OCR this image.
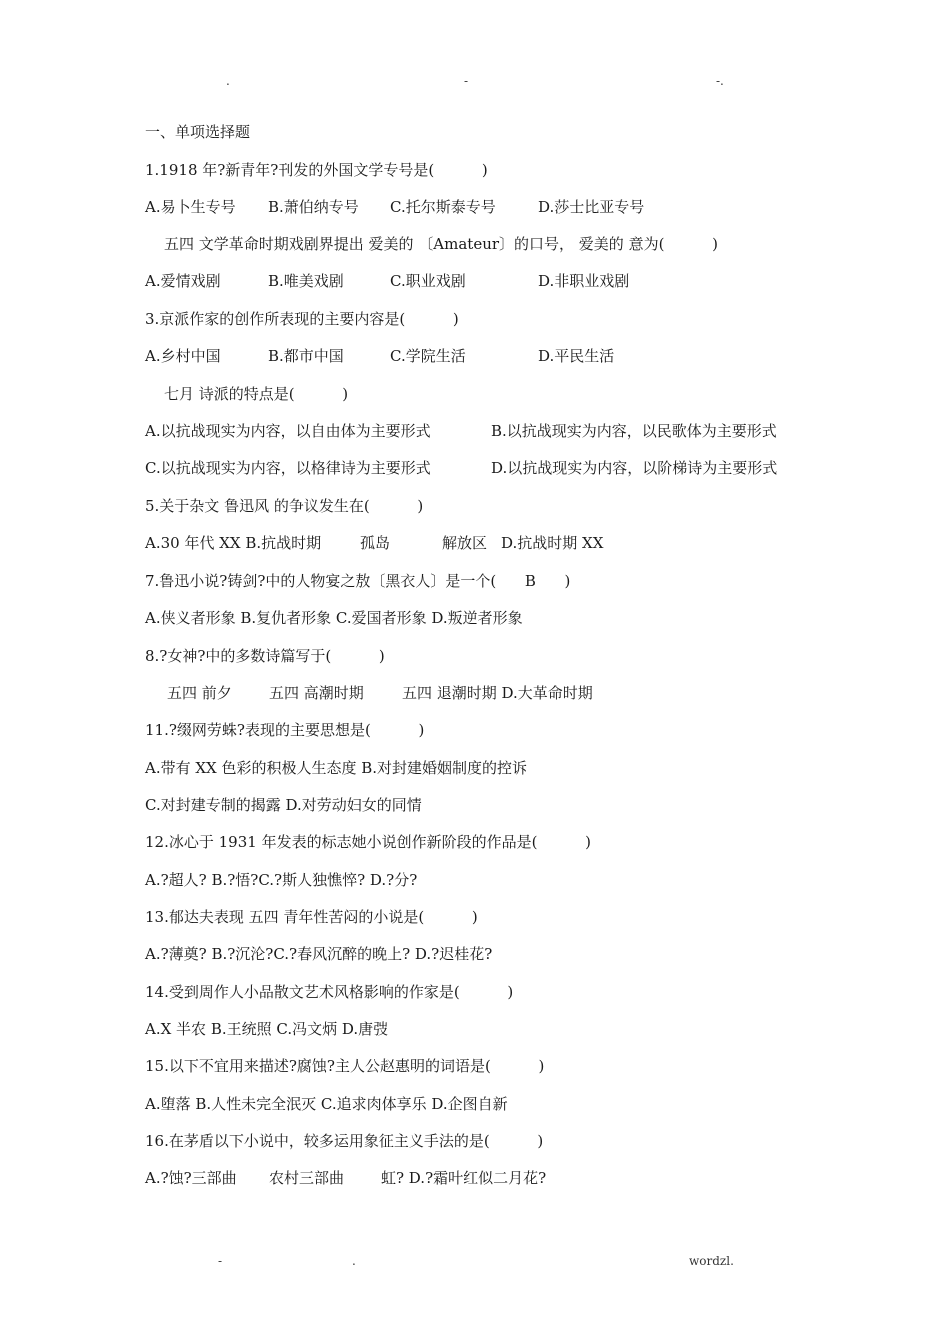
.	-	-.
一、单项选择题
1.1918 年?新青年?刊发的外国文学专号是(          )

A.易卜生专号

B.萧伯纳专号

C.托尔斯泰专号

	D.莎士比亚专号

五四 文学革命时期戏剧界提出 爱美的 〔Amateur〕的口号， 爱美的 意为(          )

A.爱情戏剧

	B.唯美戏剧

	C.职业戏剧

	D.非职业戏剧

3.京派作家的创作所表现的主要内容是(          )

A.乡村中国

	B.都市中国

	C.学院生活

	D.平民生活

七月 诗派的特点是(          )

A.以抗战现实为内容，以自由体为主要形式

	B.以抗战现实为内容，以民歌体为主要形式

C.以抗战现实为内容，以格律诗为主要形式

	D.以抗战现实为内容，以阶梯诗为主要形式

5.关于杂文 鲁迅风 的争议发生在(          )

A.30 年代 XX B.抗战时期

	孤岛

	解放区

D.抗战时期 XX

7.鲁迅小说?铸剑?中的人物宴之敖〔黑衣人〕是一个(      B      )

A.侠义者形象 B.复仇者形象 C.爱国者形象 D.叛逆者形象

8.?女神?中的多数诗篇写于(          )

五四 前夕

五四 高潮时期

	五四 退潮时期 D.大革命时期

11.?缀网劳蛛?表现的主要思想是(          )

A.带有 XX 色彩的积极人生态度 B.对封建婚姻制度的控诉

C.对封建专制的揭露 D.对劳动妇女的同情

12.冰心于 1931 年发表的标志她小说创作新阶段的作品是(          )

A.?超人? B.?悟?C.?斯人独憔悴? D.?分?

13.郁达夫表现 五四 青年性苦闷的小说是(          )

A.?薄奠? B.?沉沦?C.?春风沉醉的晚上? D.?迟桂花?

14.受到周作人小品散文艺术风格影响的作家是(          )

A.X 半农 B.王统照 C.冯文炳 D.唐弢

15.以下不宜用来描述?腐蚀?主人公赵惠明的词语是(          )

A.堕落 B.人性未完全泯灭 C.追求肉体享乐 D.企图自新

16.在茅盾以下小说中，较多运用象征主义手法的是(          )

A.?蚀?三部曲

农村三部曲

虹? D.?霜叶红似二月花?

-	.	wordzl.
